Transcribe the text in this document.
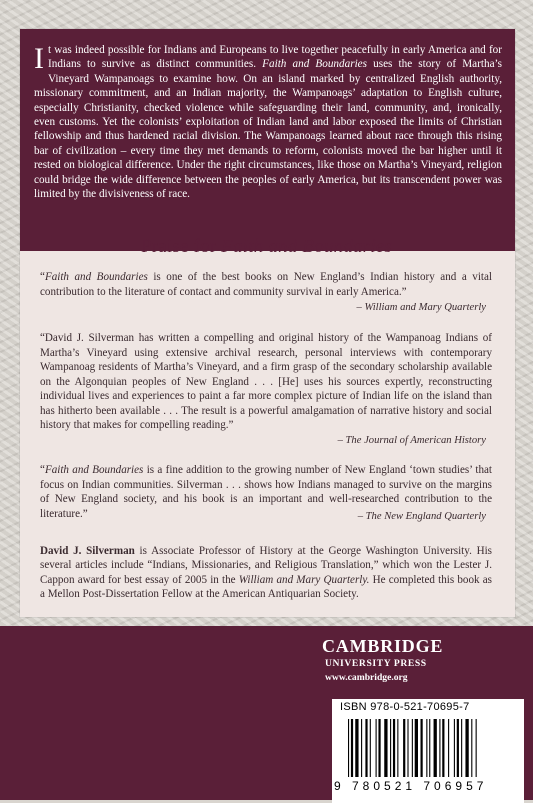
It was indeed possible for Indians and Europeans to live together peacefully in early America and for Indians to survive as distinct communities. Faith and Boundaries uses the story of Martha’s Vineyard Wampanoags to examine how. On an island marked by centralized English authority, missionary commitment, and an Indian majority, the Wampanoags’ adaptation to English culture, especially Christianity, checked violence while safeguarding their land, community, and, ironically, even customs. Yet the colonists’ exploitation of Indian land and labor exposed the limits of Christian fellowship and thus hardened racial division. The Wampanoags learned about race through this rising bar of civilization – every time they met demands to reform, colonists moved the bar higher until it rested on biological difference. Under the right circumstances, like those on Martha’s Vineyard, religion could bridge the wide difference between the peoples of early America, but its transcendent power was limited by the divisiveness of race.

Praise for Faith and Boundaries

“Faith and Boundaries is one of the best books on New England’s Indian history and a vital contribution to the literature of contact and community survival in early America.”

– William and Mary Quarterly

“David J. Silverman has written a compelling and original history of the Wampanoag Indians of Martha’s Vineyard using extensive archival research, personal interviews with contemporary Wampanoag residents of Martha’s Vineyard, and a firm grasp of the secondary scholarship available on the Algonquian peoples of New England . . . [He] uses his sources expertly, reconstructing individual lives and experiences to paint a far more complex picture of Indian life on the island than has hitherto been available . . . The result is a powerful amalgamation of narrative history and social history that makes for compelling reading.”

– The Journal of American History

“Faith and Boundaries is a fine addition to the growing number of New England ‘town studies’ that focus on Indian communities. Silverman . . . shows how Indians managed to survive on the margins of New England society, and his book is an important and well-researched contribution to the literature.”	– The New England Quarterly

David J. Silverman is Associate Professor of History at the George Washington University. His several articles include “Indians, Missionaries, and Religious Translation,” which won the Lester J. Cappon award for best essay of 2005 in the William and Mary Quarterly. He completed this book as a Mellon Post-Dissertation Fellow at the American Antiquarian Society.

CAMBRIDGE
UNIVERSITY PRESS
www.cambridge.org

ISBN 978-0-521-70695-7

9 780521 706957
